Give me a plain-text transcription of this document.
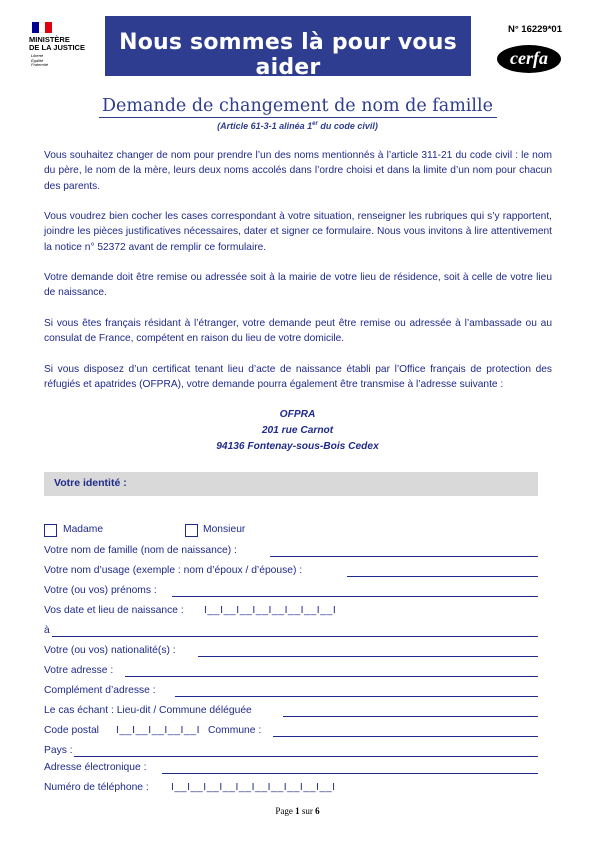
MINISTÈRE
DE LA JUSTICE
Liberté
Égalité
Fraternité
Nous sommes là pour vous aider
N° 16229*01
cerfa
Demande de changement de nom de famille
(Article 61-3-1 alinéa 1er du code civil)
Vous souhaitez changer de nom pour prendre l’un des noms mentionnés à l’article 311-21 du code civil : le nom du père, le nom de la mère, leurs deux noms accolés dans l’ordre choisi et dans la limite d’un nom pour chacun des parents.
Vous voudrez bien cocher les cases correspondant à votre situation, renseigner les rubriques qui s’y rapportent, joindre les pièces justificatives nécessaires, dater et signer ce formulaire. Nous vous invitons à lire attentivement la notice n° 52372 avant de remplir ce formulaire.
Votre demande doit être remise ou adressée soit à la mairie de votre lieu de résidence, soit à celle de votre lieu de naissance.
Si vous êtes français résidant à l’étranger, votre demande peut être remise ou adressée à l’ambassade ou au consulat de France, compétent en raison du lieu de votre domicile.
Si vous disposez d’un certificat tenant lieu d’acte de naissance établi par l’Office français de protection des réfugiés et apatrides (OFPRA), votre demande pourra également être transmise à l’adresse suivante :
OFPRA
201 rue Carnot
94136 Fontenay-sous-Bois Cedex
Votre identité :
Madame	Monsieur
Votre nom de famille (nom de naissance) :
Votre nom d’usage (exemple : nom d’époux / d’épouse) :
Votre (ou vos) prénoms :
Vos date et lieu de naissance : I__I__I__I__I__I__I__I__I
à
Votre (ou vos) nationalité(s) :
Votre adresse :
Complément d’adresse :
Le cas échant : Lieu-dit / Commune déléguée
Code postal I__I__I__I__I__I Commune :
Pays :
Adresse électronique :
Numéro de téléphone : I__I__I__I__I__I__I__I__I__I__I
Page 1 sur 6
